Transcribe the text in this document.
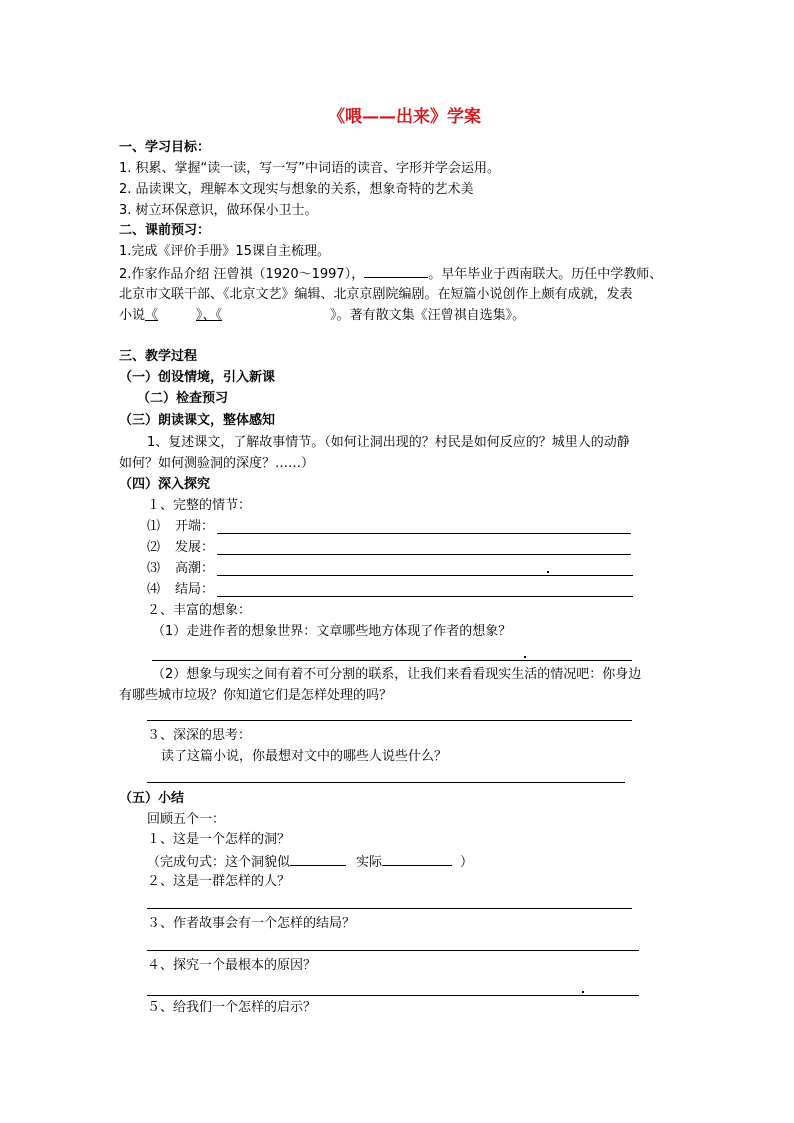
《喂——出来》学案
一、学习目标：
1. 积累、掌握“读一读，写一写”中词语的读音、字形并学会运用。
2. 品读课文，理解本文现实与想象的关系，想象奇特的艺术美
3. 树立环保意识，做环保小卫士。
二、课前预习：
1.完成《评价手册》15课自主梳理。
2.作家作品介绍 汪曾祺（1920～1997），	。早年毕业于西南联大。历任中学教师、
北京市文联干部、《北京文艺》编辑、北京京剧院编剧。在短篇小说创作上颇有成就，发表
小说《	》、《	》。著有散文集《汪曾祺自选集》。
三、教学过程
（一）创设情境，引入新课
（二）检查预习
（三）朗读课文，整体感知
1、复述课文，了解故事情节。（如何让洞出现的？村民是如何反应的？城里人的动静
如何？如何测验洞的深度？……）
（四）深入探究
１、完整的情节：
⑴ 开端：
⑵ 发展：
⑶ 高潮：
⑷ 结局：
２、丰富的想象：
（1）走进作者的想象世界：文章哪些地方体现了作者的想象？
（2）想象与现实之间有着不可分割的联系，让我们来看看现实生活的情况吧：你身边
有哪些城市垃圾？你知道它们是怎样处理的吗？
３、深深的思考：
读了这篇小说，你最想对文中的哪些人说些什么？
（五）小结
回顾五个一：
１、这是一个怎样的洞？
（完成句式：这个洞貌似	实际	）
２、这是一群怎样的人？
３、作者故事会有一个怎样的结局？
４、探究一个最根本的原因？
５、给我们一个怎样的启示？
